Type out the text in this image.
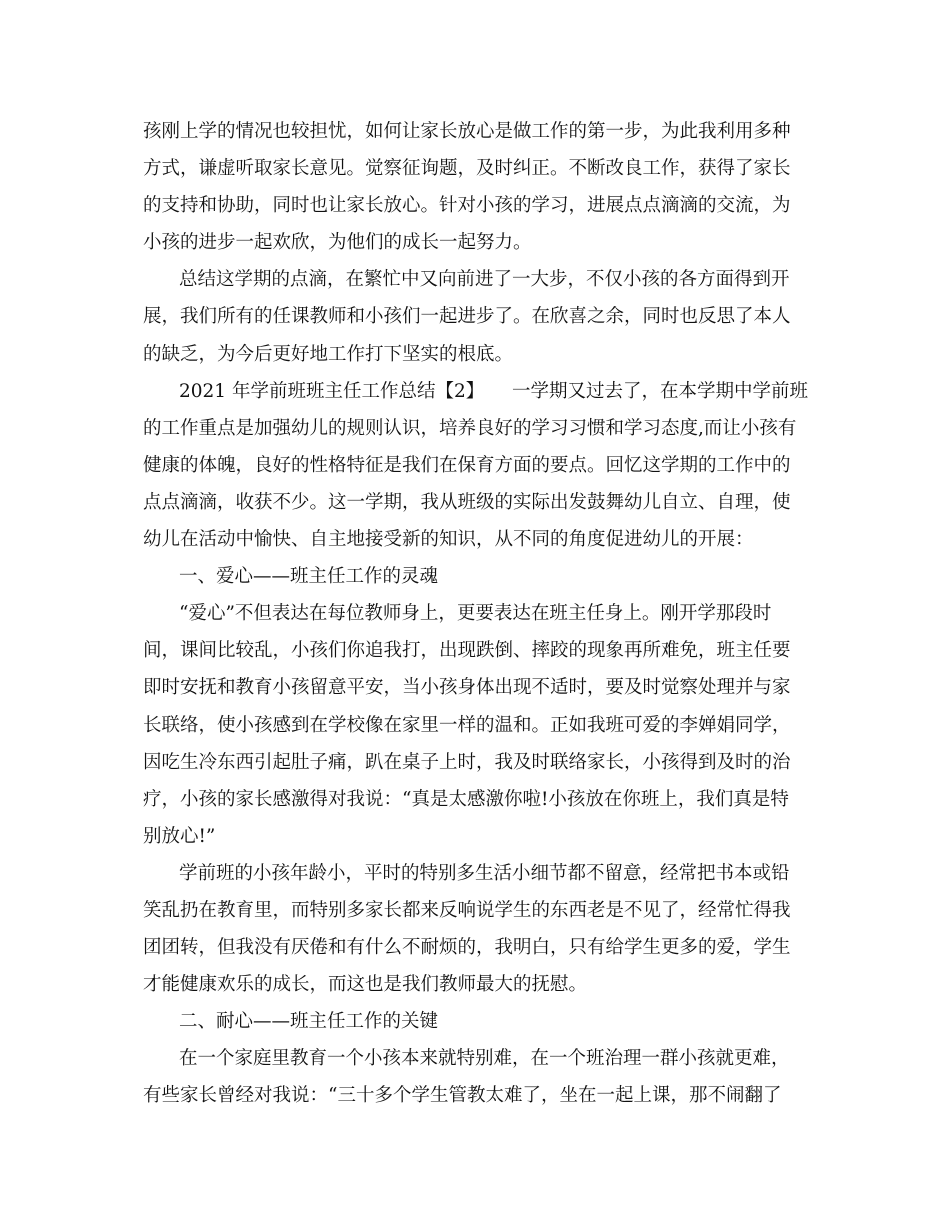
孩刚上学的情况也较担忧，如何让家长放心是做工作的第一步，为此我利用多种
方式，谦虚听取家长意见。觉察征询题，及时纠正。不断改良工作，获得了家长
的支持和协助，同时也让家长放心。针对小孩的学习，进展点点滴滴的交流，为
小孩的进步一起欢欣，为他们的成长一起努力。
总结这学期的点滴，在繁忙中又向前进了一大步，不仅小孩的各方面得到开
展，我们所有的任课教师和小孩们一起进步了。在欣喜之余，同时也反思了本人
的缺乏，为今后更好地工作打下坚实的根底。
2021 年学前班班主任工作总结【2】　　一学期又过去了，在本学期中学前班
的工作重点是加强幼儿的规则认识，培养良好的学习习惯和学习态度,而让小孩有
健康的体魄，良好的性格特征是我们在保育方面的要点。回忆这学期的工作中的
点点滴滴，收获不少。这一学期，我从班级的实际出发鼓舞幼儿自立、自理，使
幼儿在活动中愉快、自主地接受新的知识，从不同的角度促进幼儿的开展：
一、爱心——班主任工作的灵魂
“爱心”不但表达在每位教师身上，更要表达在班主任身上。刚开学那段时
间，课间比较乱，小孩们你追我打，出现跌倒、摔跤的现象再所难免，班主任要
即时安抚和教育小孩留意平安，当小孩身体出现不适时，要及时觉察处理并与家
长联络，使小孩感到在学校像在家里一样的温和。正如我班可爱的李婵娟同学，
因吃生冷东西引起肚子痛，趴在桌子上时，我及时联络家长，小孩得到及时的治
疗，小孩的家长感激得对我说：“真是太感激你啦!小孩放在你班上，我们真是特
别放心!”
学前班的小孩年龄小，平时的特别多生活小细节都不留意，经常把书本或铅
笑乱扔在教育里，而特别多家长都来反响说学生的东西老是不见了，经常忙得我
团团转，但我没有厌倦和有什么不耐烦的，我明白，只有给学生更多的爱，学生
才能健康欢乐的成长，而这也是我们教师最大的抚慰。
二、耐心——班主任工作的关键
在一个家庭里教育一个小孩本来就特别难，在一个班治理一群小孩就更难，
有些家长曾经对我说：“三十多个学生管教太难了，坐在一起上课，那不闹翻了
